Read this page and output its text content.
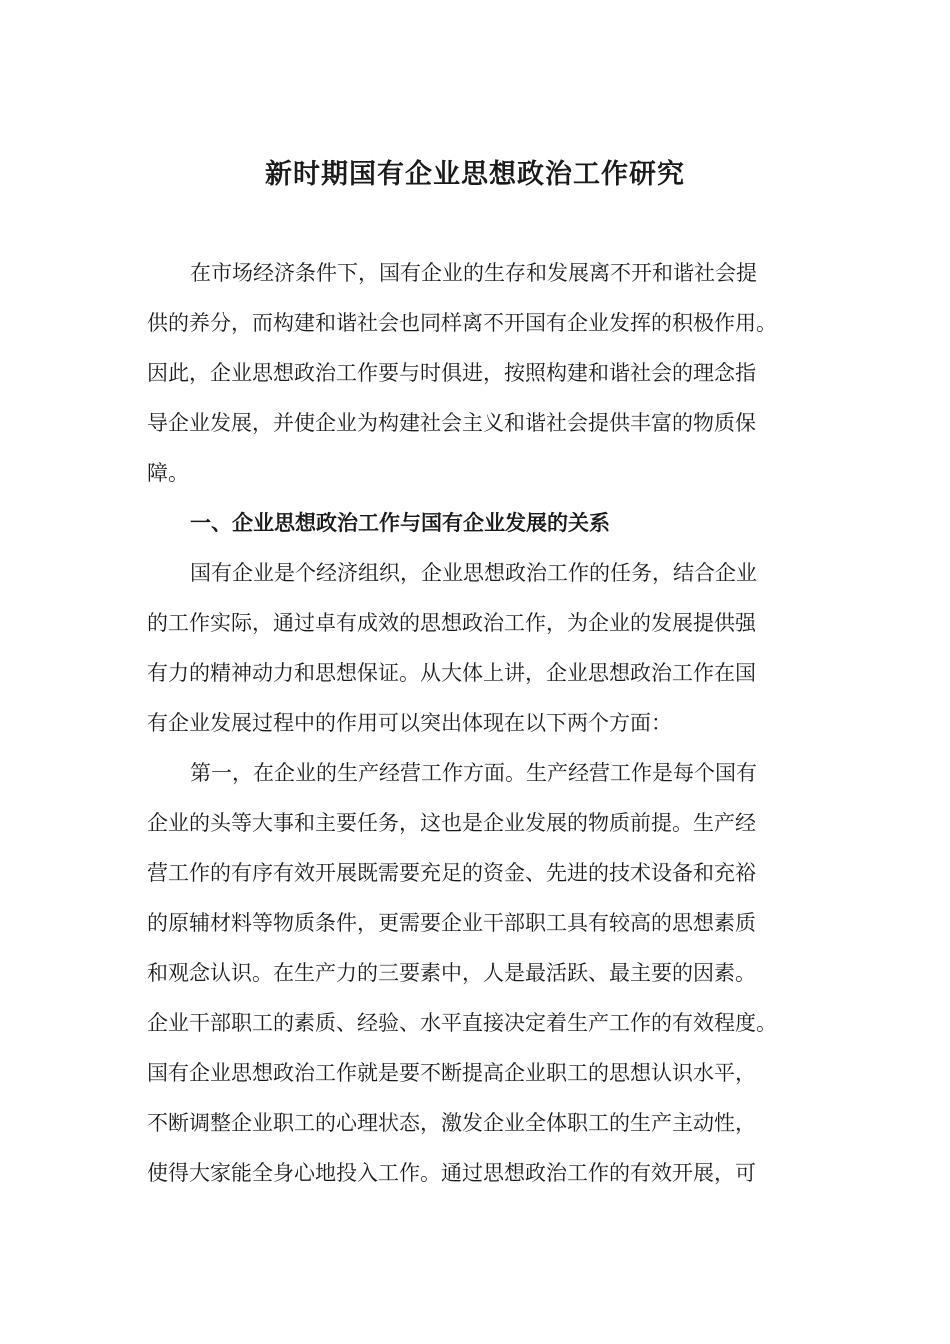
新时期国有企业思想政治工作研究

在市场经济条件下，国有企业的生存和发展离不开和谐社会提

供的养分，而构建和谐社会也同样离不开国有企业发挥的积极作用。

因此，企业思想政治工作要与时俱进，按照构建和谐社会的理念指

导企业发展，并使企业为构建社会主义和谐社会提供丰富的物质保

障。

一、企业思想政治工作与国有企业发展的关系

国有企业是个经济组织，企业思想政治工作的任务，结合企业

的工作实际，通过卓有成效的思想政治工作，为企业的发展提供强

有力的精神动力和思想保证。从大体上讲，企业思想政治工作在国

有企业发展过程中的作用可以突出体现在以下两个方面：

第一，在企业的生产经营工作方面。生产经营工作是每个国有

企业的头等大事和主要任务，这也是企业发展的物质前提。生产经

营工作的有序有效开展既需要充足的资金、先进的技术设备和充裕

的原辅材料等物质条件，更需要企业干部职工具有较高的思想素质

和观念认识。在生产力的三要素中，人是最活跃、最主要的因素。

企业干部职工的素质、经验、水平直接决定着生产工作的有效程度。

国有企业思想政治工作就是要不断提高企业职工的思想认识水平，

不断调整企业职工的心理状态，激发企业全体职工的生产主动性，

使得大家能全身心地投入工作。通过思想政治工作的有效开展，可
